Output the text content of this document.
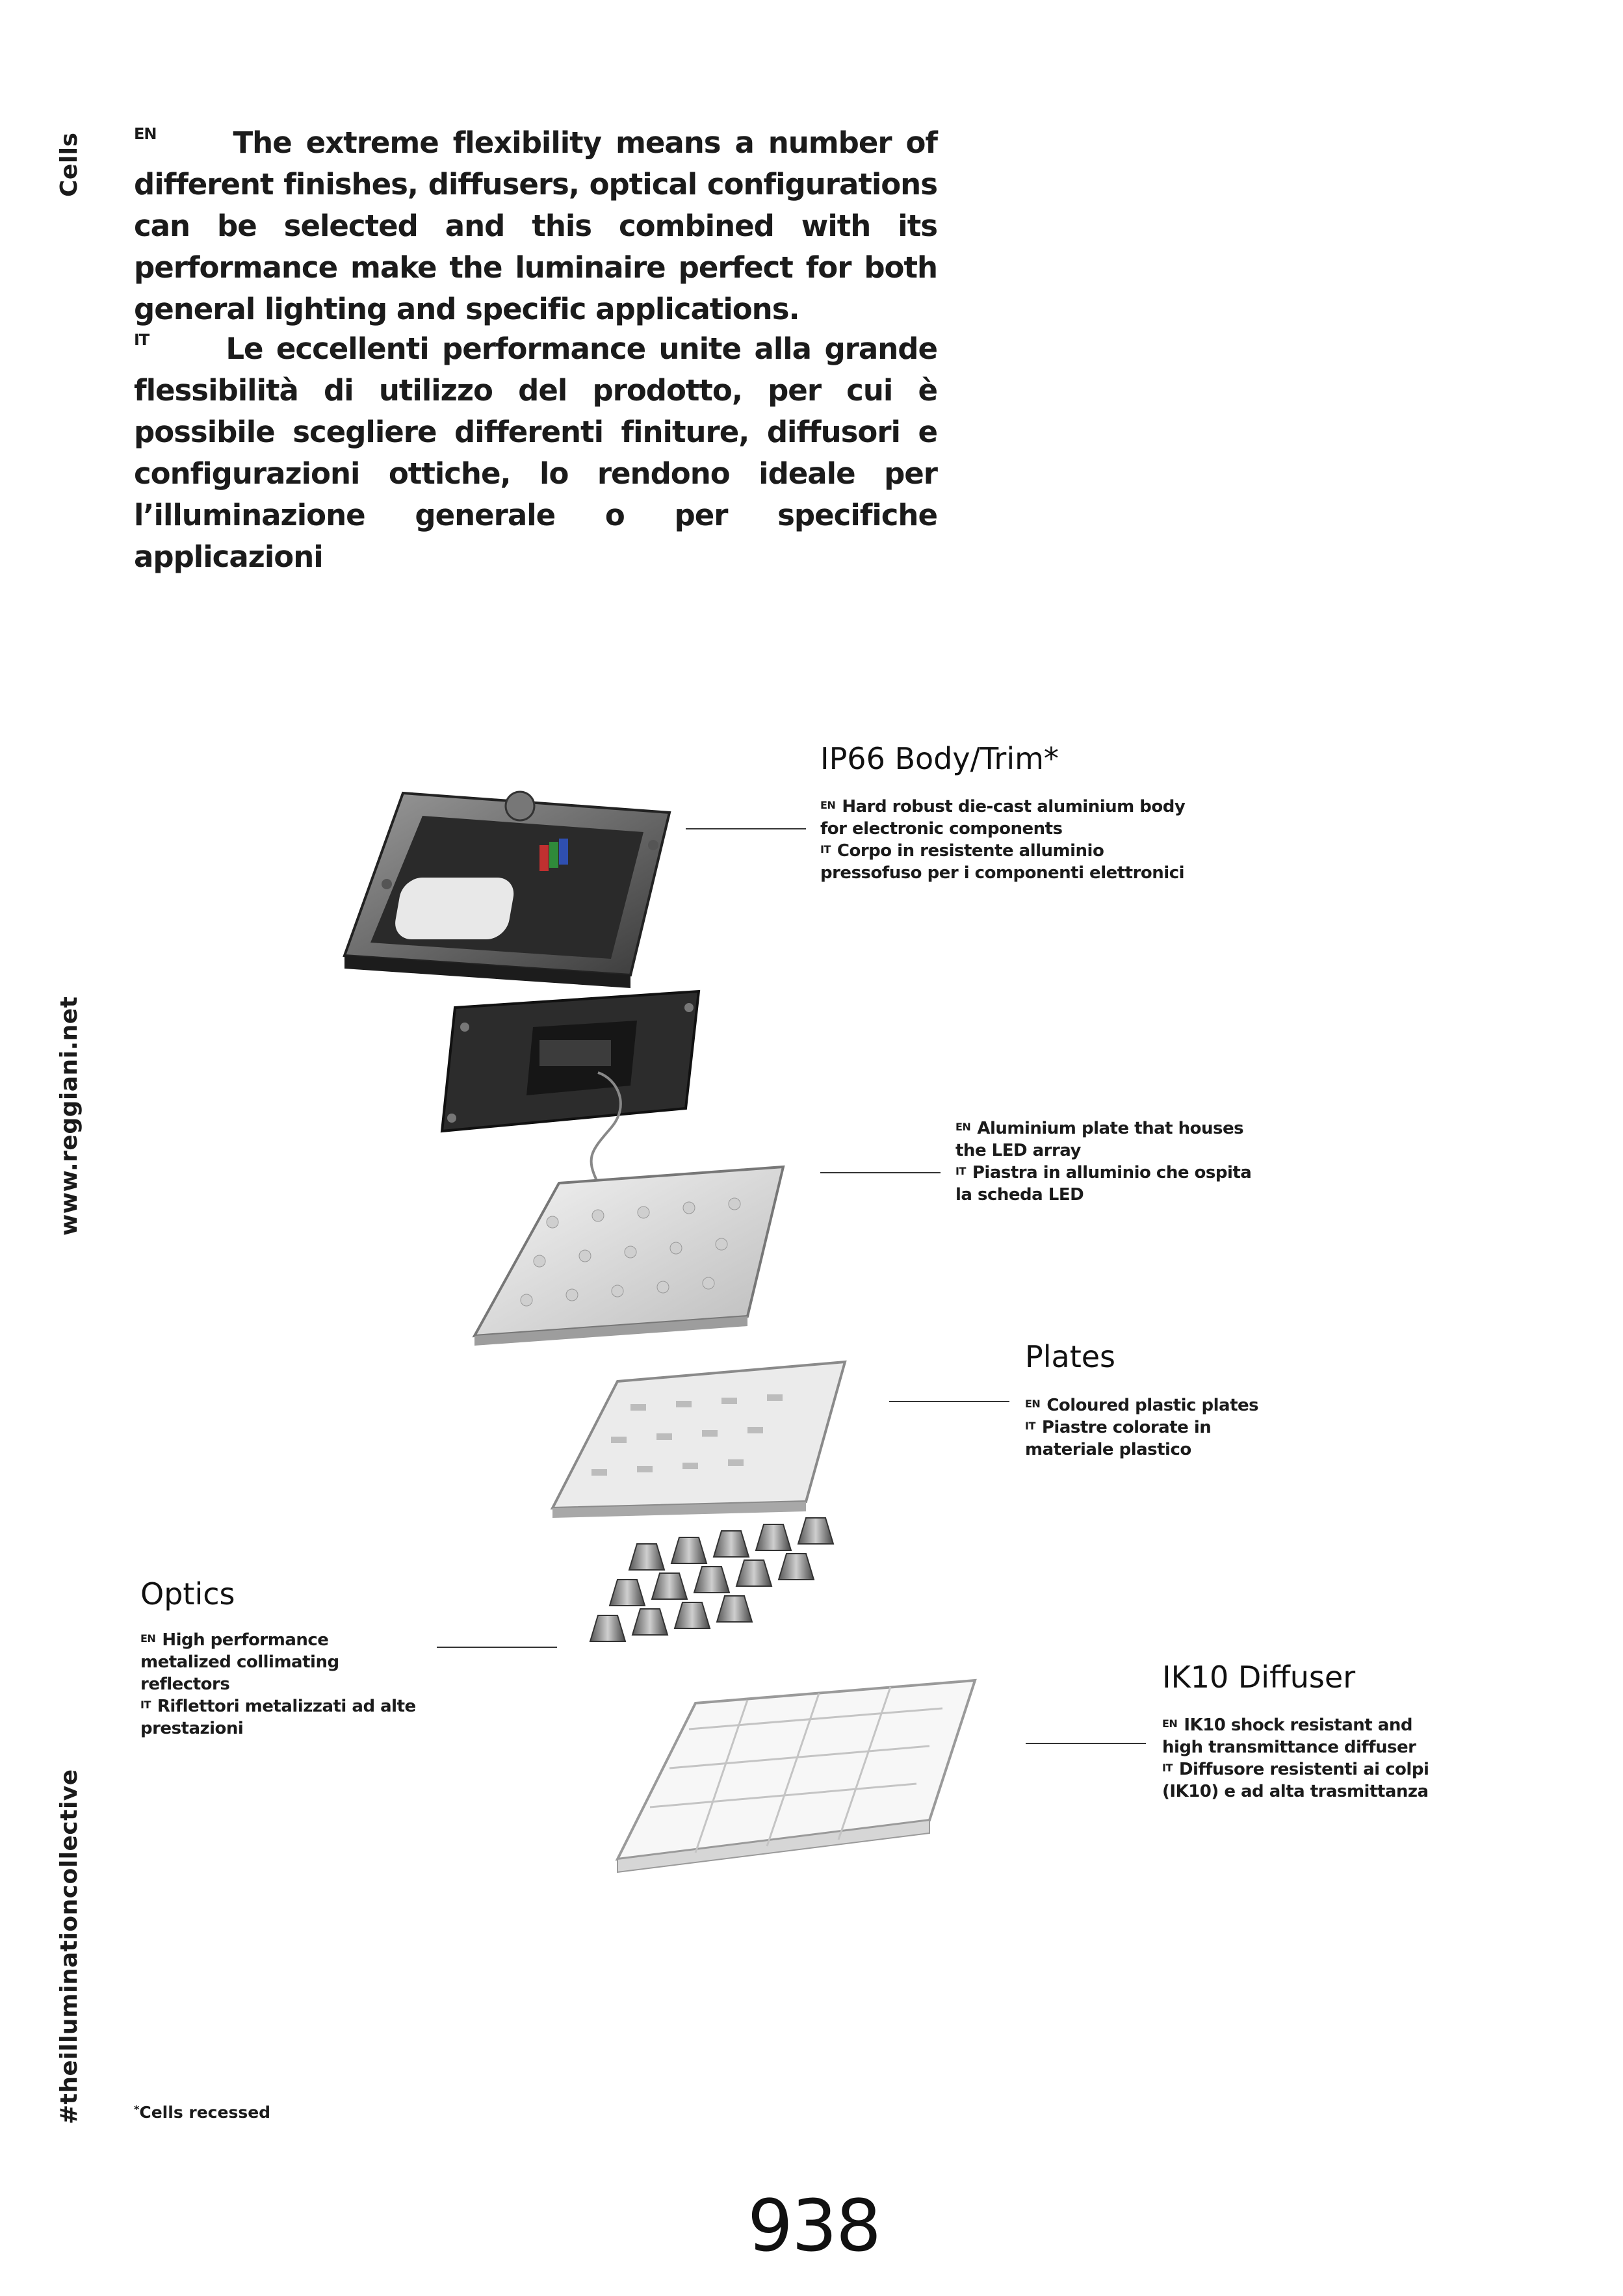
Cells
www.reggiani.net
#theilluminationcollective
$^{EN}$	The extreme flexibility means a number of different finishes, diffusers, optical configurations can be selected and this combined with its performance make the luminaire perfect for both general lighting and specific applications.
$^{IT}$	Le eccellenti performance unite alla grande flessibilità di utilizzo del prodotto, per cui è possibile scegliere differenti finiture, diffusori e configurazioni ottiche, lo rendono ideale per l’illuminazione generale o per specifiche applicazioni
IP66 Body/Trim*
$^{EN}$ Hard robust die-cast aluminium body for electronic components
$^{IT}$ Corpo in resistente alluminio pressofuso per i componenti elettronici
$^{EN}$ Aluminium plate that houses the LED array
$^{IT}$ Piastra in alluminio che ospita la scheda LED
Plates
$^{EN}$ Coloured plastic plates
$^{IT}$ Piastre colorate in materiale plastico
Optics
$^{EN}$ High performance metalized collimating reflectors
$^{IT}$ Riflettori metalizzati ad alte prestazioni
IK10 Diffuser
$^{EN}$ IK10 shock resistant and high transmittance diffuser
$^{IT}$ Diffusore resistenti ai colpi (IK10) e ad alta trasmittanza
*Cells recessed
938
